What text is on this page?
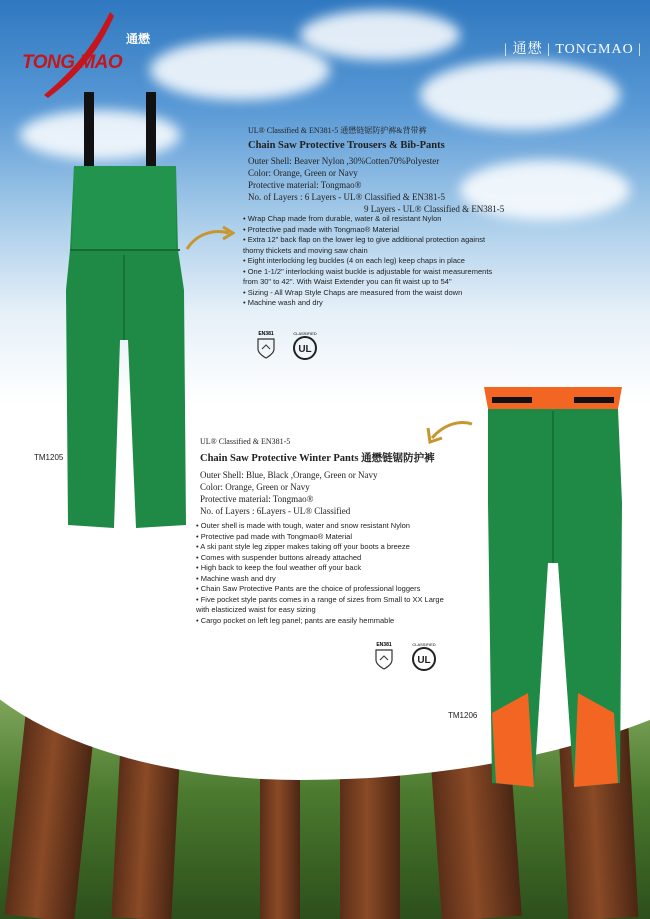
TONG MAO
通懋
| 通懋 | TONGMAO |
TM1205
UL® Classified & EN381-5 通懋链锯防护裤&背带裤
Chain Saw Protective Trousers & Bib-Pants
Outer Shell: Beaver Nylon ,30%Cotten70%Polyester
Color: Orange, Green or Navy
Protective material: Tongmao®
No. of Layers : 6 Layers - UL® Classified & EN381-5
9 Layers - UL® Classified & EN381-5
• Wrap Chap made from durable, water & oil resistant Nylon
• Protective pad made with Tongmao® Material
• Extra 12" back flap on the lower leg to give additional protection against thorny thickets and moving saw chain
• Eight interlocking leg buckles (4 on each leg) keep chaps in place
• One 1-1/2" interlocking waist buckle is adjustable for waist measurements from 30" to 42". With Waist Extender you can fit waist up to 54"
• Sizing - All Wrap Style Chaps are measured from the waist down
• Machine wash and dry
EN381
UL
CLASSIFIED
TM1206
UL® Classified & EN381-5
Chain Saw Protective Winter Pants 通懋链锯防护裤
Outer Shell: Blue, Black ,Orange, Green or Navy
Color: Orange, Green or Navy
Protective material: Tongmao®
No. of Layers : 6Layers - UL® Classified
• Outer shell is made with tough, water and snow resistant Nylon
• Protective pad made with Tongmao® Material
• A ski pant style leg zipper makes taking off your boots a breeze
• Comes with suspender buttons already attached
• High back to keep the foul weather off your back
• Machine wash and dry
• Chain Saw Protective Pants are the choice of professional loggers
• Five pocket style pants comes in a range of sizes from Small to XX Large with elasticized waist for easy sizing
• Cargo pocket on left leg panel; pants are easily hemmable
EN381
UL
CLASSIFIED
